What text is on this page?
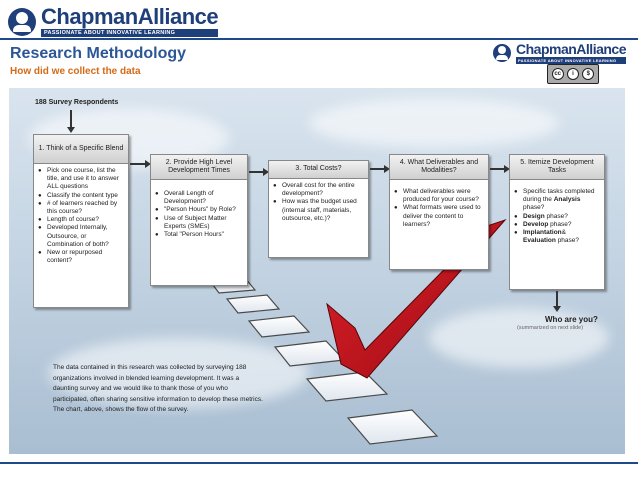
ChapmanAlliance
PASSIONATE ABOUT INNOVATIVE LEARNING
Research Methodology
How did we collect the data
ChapmanAlliance
PASSIONATE ABOUT INNOVATIVE LEARNING
cc	i	$
188 Survey Respondents
1. Think of a Specific Blend
● Pick one course, list the title, and use it to answer ALL questions
● Classify the content type
● # of learners reached by this course?
● Length of course?
● Developed Internally, Outsource, or Combination of both?
● New or repurposed content?
2. Provide High Level Development Times
● Overall Length of Development?
● "Person Hours" by Role?
● Use of Subject Matter Experts (SMEs)
● Total "Person Hours"
3. Total Costs?
● Overall cost for the entire development?
● How was the budget used (internal staff, materials, outsource, etc.)?
4. What Deliverables and Modalities?
● What deliverables were produced for your course?
● What formats were used to deliver the content to learners?
5. Itemize Development Tasks
● Specific tasks completed during the Analysis phase?
● Design phase?
● Develop phase?
● Implantation& Evaluation phase?
Who are you?
(summarized on next slide)
The data contained in this research was collected by surveying 188 organizations involved in blended learning development. It was a daunting survey and we would like to thank those of you who participated, often sharing sensitive information to develop these metrics. The chart, above, shows the flow of the survey.
